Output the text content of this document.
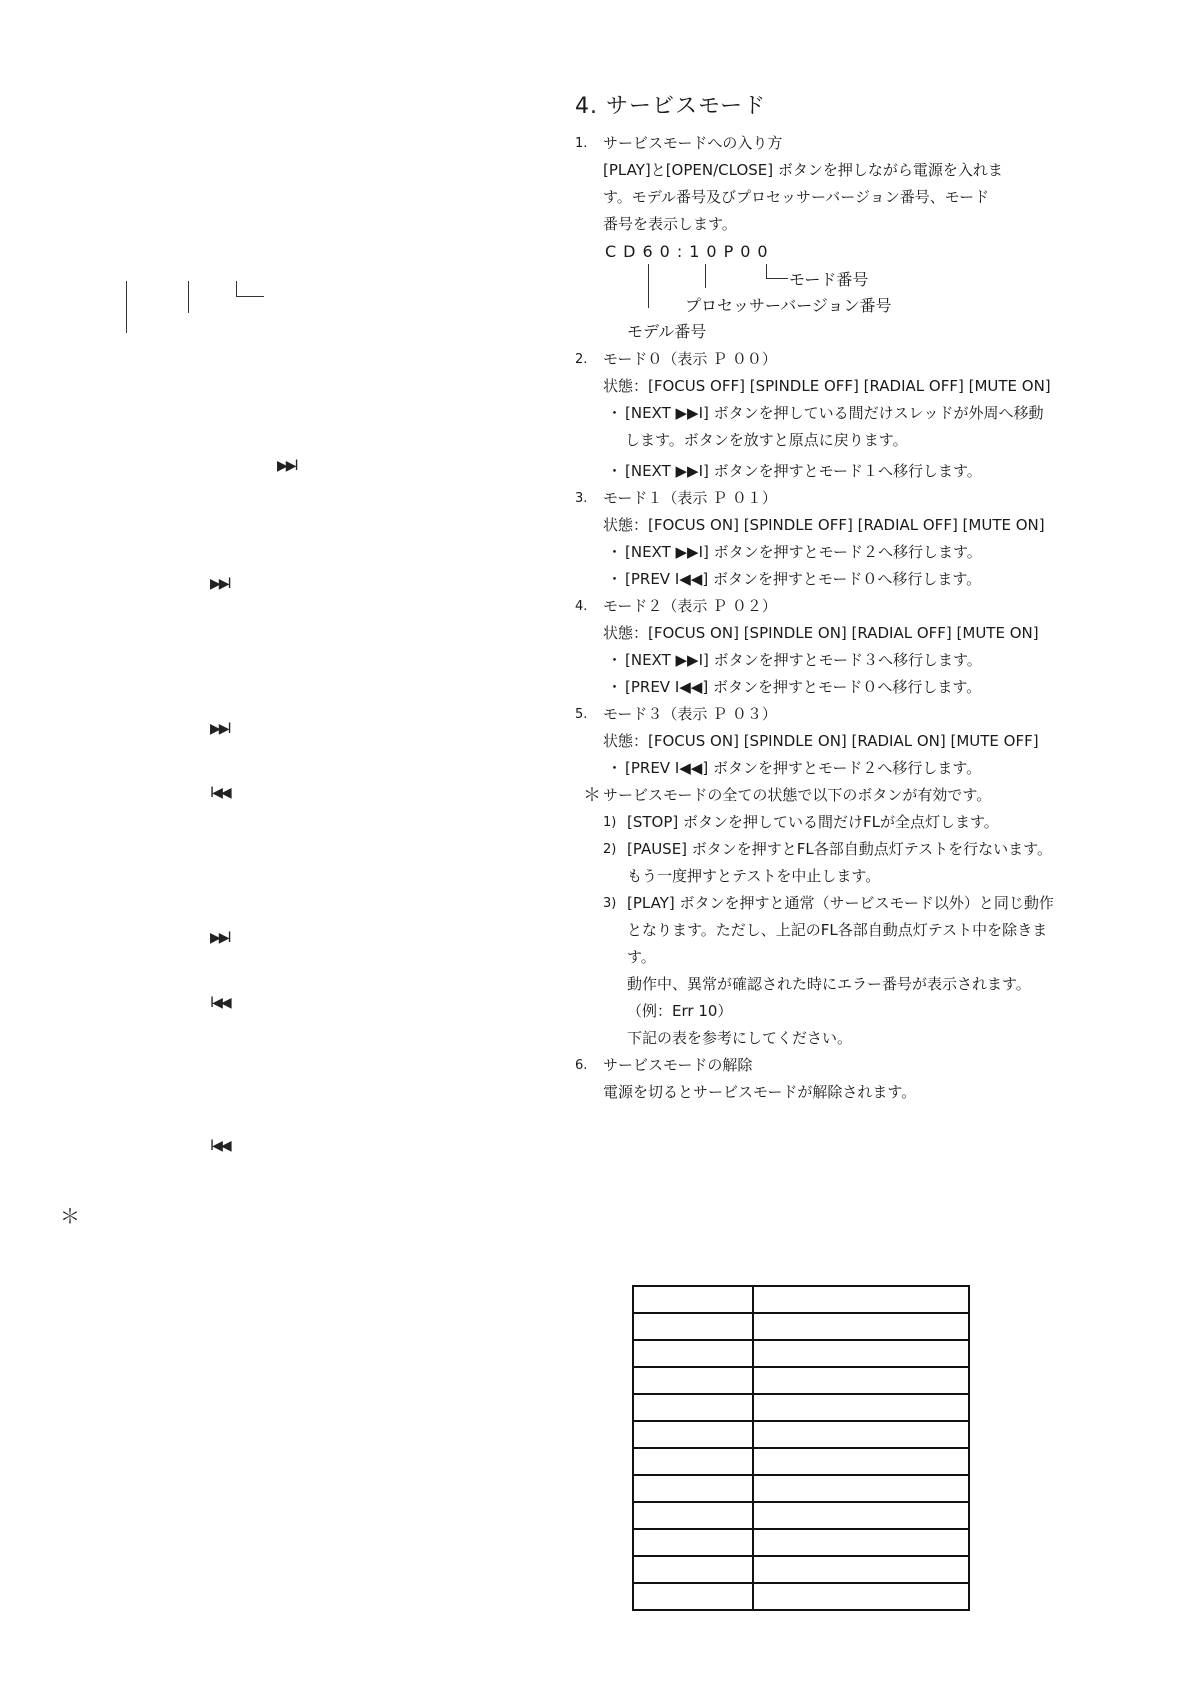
▶▶I
▶▶I
▶▶I
I◀◀
▶▶I
I◀◀
I◀◀
＊
4. サービスモード
1.	サービスモードへの入り方
[PLAY]と[OPEN/CLOSE] ボタンを押しながら電源を入れま
す。モデル番号及びプロセッサーバージョン番号、モード
番号を表示します。
CD60:10P00
モード番号
プロセッサーバージョン番号
モデル番号
2.	モード０（表示 Ｐ ００）
状態：[FOCUS OFF] [SPINDLE OFF] [RADIAL OFF] [MUTE ON]
・ [NEXT ▶▶I] ボタンを押している間だけスレッドが外周へ移動します。ボタンを放すと原点に戻ります。
・ [NEXT ▶▶I] ボタンを押すとモード１へ移行します。
3.	モード１（表示 Ｐ ０１）
状態：[FOCUS ON] [SPINDLE OFF] [RADIAL OFF] [MUTE ON]
・ [NEXT ▶▶I] ボタンを押すとモード２へ移行します。
・ [PREV I◀◀] ボタンを押すとモード０へ移行します。
4.	モード２（表示 Ｐ ０２）
状態：[FOCUS ON] [SPINDLE ON] [RADIAL OFF] [MUTE ON]
・ [NEXT ▶▶I] ボタンを押すとモード３へ移行します。
・ [PREV I◀◀] ボタンを押すとモード０へ移行します。
5.	モード３（表示 Ｐ ０３）
状態：[FOCUS ON] [SPINDLE ON] [RADIAL ON] [MUTE OFF]
・ [PREV I◀◀] ボタンを押すとモード２へ移行します。
＊ サービスモードの全ての状態で以下のボタンが有効です。
1) [STOP] ボタンを押している間だけFLが全点灯します。
2) [PAUSE] ボタンを押すとFL各部自動点灯テストを行ないます。もう一度押すとテストを中止します。
3) [PLAY] ボタンを押すと通常（サービスモード以外）と同じ動作となります。ただし、上記のFL各部自動点灯テスト中を除きます。
動作中、異常が確認された時にエラー番号が表示されます。（例：Err 10）
下記の表を参考にしてください。
6.	サービスモードの解除
電源を切るとサービスモードが解除されます。
